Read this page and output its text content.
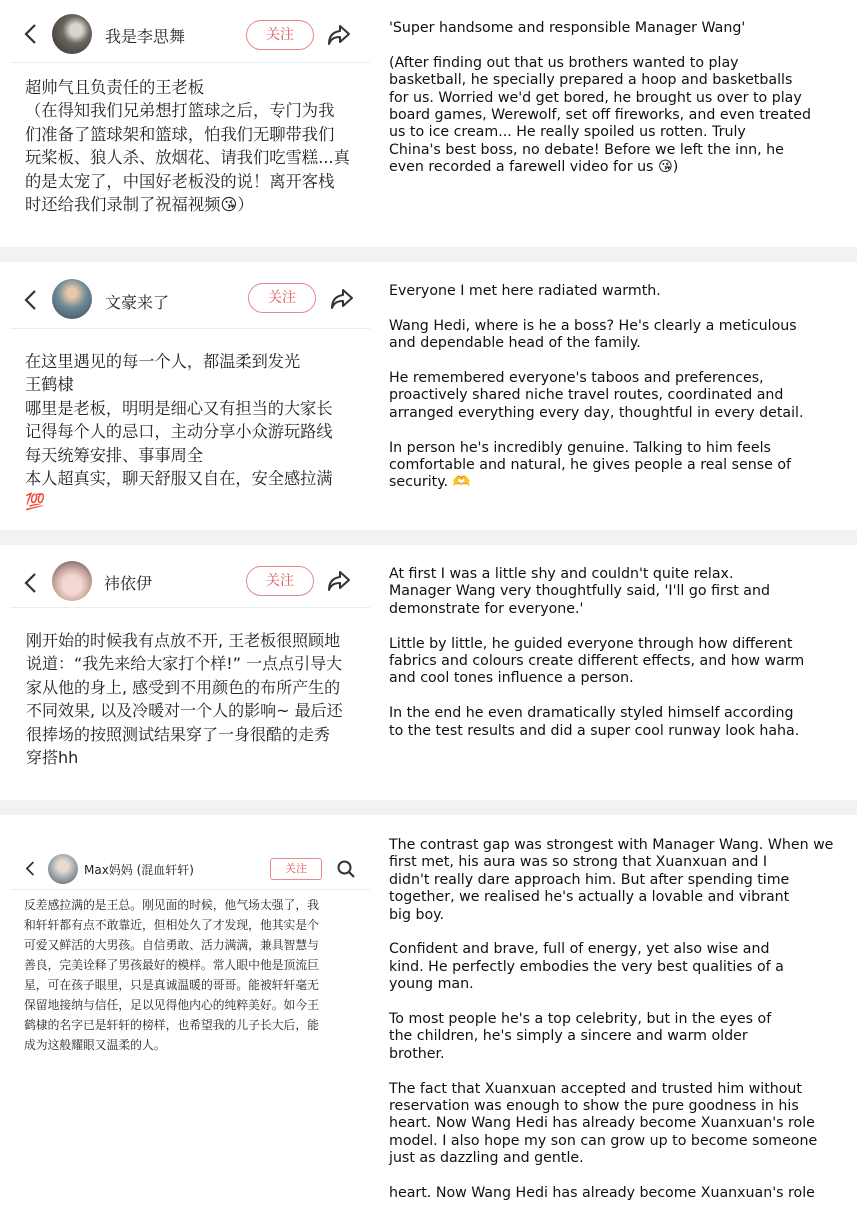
我是李思舞	关注
超帅气且负责任的王老板
（在得知我们兄弟想打篮球之后，专门为我
们准备了篮球架和篮球，怕我们无聊带我们
玩桨板、狼人杀、放烟花、请我们吃雪糕...真
的是太宠了，中国好老板没的说！离开客栈
时还给我们录制了祝福视频😘）

'Super handsome and responsible Manager Wang'

(After finding out that us brothers wanted to play
basketball, he specially prepared a hoop and basketballs
for us. Worried we'd get bored, he brought us over to play
board games, Werewolf, set off fireworks, and even treated
us to ice cream... He really spoiled us rotten. Truly
China's best boss, no debate! Before we left the inn, he
even recorded a farewell video for us 😘)

文豪来了	关注
在这里遇见的每一个人，都温柔到发光
王鹤棣
哪里是老板，明明是细心又有担当的大家长
记得每个人的忌口，主动分享小众游玩路线
每天统筹安排、事事周全
本人超真实，聊天舒服又自在，安全感拉满
💯

Everyone I met here radiated warmth.

Wang Hedi, where is he a boss? He's clearly a meticulous
and dependable head of the family.

He remembered everyone's taboos and preferences,
proactively shared niche travel routes, coordinated and
arranged everything every day, thoughtful in every detail.

In person he's incredibly genuine. Talking to him feels
comfortable and natural, he gives people a real sense of
security. 🫶

祎依伊	关注
刚开始的时候我有点放不开, 王老板很照顾地
说道：“我先来给大家打个样!” 一点点引导大
家从他的身上, 感受到不用颜色的布所产生的
不同效果, 以及冷暖对一个人的影响~ 最后还
很捧场的按照测试结果穿了一身很酷的走秀
穿搭hh

At first I was a little shy and couldn't quite relax.
Manager Wang very thoughtfully said, 'I'll go first and
demonstrate for everyone.'

Little by little, he guided everyone through how different
fabrics and colours create different effects, and how warm
and cool tones influence a person.

In the end he even dramatically styled himself according
to the test results and did a super cool runway look haha.

Max妈妈 (混血轩轩)	关注
反差感拉满的是王总。刚见面的时候，他气场太强了，我
和轩轩都有点不敢靠近，但相处久了才发现，他其实是个
可爱又鲜活的大男孩。自信勇敢、活力满满，兼具智慧与
善良，完美诠释了男孩最好的模样。常人眼中他是顶流巨
星，可在孩子眼里，只是真诚温暖的哥哥。能被轩轩毫无
保留地接纳与信任，足以见得他内心的纯粹美好。如今王
鹤棣的名字已是轩轩的榜样，也希望我的儿子长大后，能
成为这般耀眼又温柔的人。

The contrast gap was strongest with Manager Wang. When we
first met, his aura was so strong that Xuanxuan and I
didn't really dare approach him. But after spending time
together, we realised he's actually a lovable and vibrant
big boy.

Confident and brave, full of energy, yet also wise and
kind. He perfectly embodies the very best qualities of a
young man.

To most people he's a top celebrity, but in the eyes of
the children, he's simply a sincere and warm older
brother.

The fact that Xuanxuan accepted and trusted him without
reservation was enough to show the pure goodness in his
heart. Now Wang Hedi has already become Xuanxuan's role
model. I also hope my son can grow up to become someone
just as dazzling and gentle.

heart. Now Wang Hedi has already become Xuanxuan's role
